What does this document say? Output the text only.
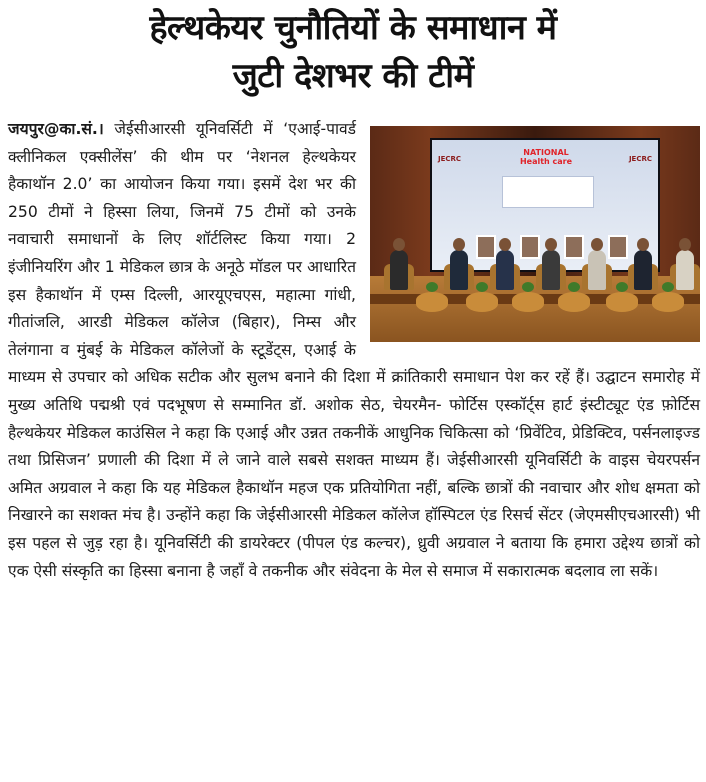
हेल्थकेयर चुनौतियों के समाधान में
जुटी देशभर की टीमें
JECRC	JECRC
NATIONAL
Health care
जयपुर@का.सं.। जेईसीआरसी यूनिवर्सिटी में ‘एआई-पावर्ड क्लीनिकल एक्सीलेंस’ की थीम पर ‘नेशनल हेल्थकेयर हैकाथॉन 2.0’ का आयोजन किया गया। इसमें देश भर की 250 टीमों ने हिस्सा लिया, जिनमें 75 टीमों को उनके नवाचारी समाधानों के लिए शॉर्टलिस्ट किया गया। 2 इंजीनियरिंग और 1 मेडिकल छात्र के अनूठे मॉडल पर आधारित इस हैकाथॉन में एम्स दिल्ली, आरयूएचएस, महात्मा गांधी, गीतांजलि, आरडी मेडिकल कॉलेज (बिहार), निम्स और तेलंगाना व मुंबई के मेडिकल कॉलेजों के स्टूडेंट्स, एआई के माध्यम से उपचार को अधिक सटीक और सुलभ बनाने की दिशा में क्रांतिकारी समाधान पेश कर रहें हैं। उद्घाटन समारोह में मुख्य अतिथि पद्मश्री एवं पदभूषण से सम्मानित डॉ. अशोक सेठ, चेयरमैन- फोर्टिस एस्कॉर्ट्स हार्ट इंस्टीट्यूट एंड फ़ोर्टिस हैल्थकेयर मेडिकल काउंसिल ने कहा कि एआई और उन्नत तकनीकें आधुनिक चिकित्सा को ‘प्रिवेंटिव, प्रेडिक्टिव, पर्सनलाइज्ड तथा प्रिसिजन’ प्रणाली की दिशा में ले जाने वाले सबसे सशक्त माध्यम हैं। जेईसीआरसी यूनिवर्सिटी के वाइस चेयरपर्सन अमित अग्रवाल ने कहा कि यह मेडिकल हैकाथॉन महज एक प्रतियोगिता नहीं, बल्कि छात्रों की नवाचार और शोध क्षमता को निखारने का सशक्त मंच है। उन्होंने कहा कि जेईसीआरसी मेडिकल कॉलेज हॉस्पिटल एंड रिसर्च सेंटर (जेएमसीएचआरसी) भी इस पहल से जुड़ रहा है। यूनिवर्सिटी की डायरेक्टर (पीपल एंड कल्चर), ध्रुवी अग्रवाल ने बताया कि हमारा उद्देश्य छात्रों को एक ऐसी संस्कृति का हिस्सा बनाना है जहाँ वे तकनीक और संवेदना के मेल से समाज में सकारात्मक बदलाव ला सकें।
